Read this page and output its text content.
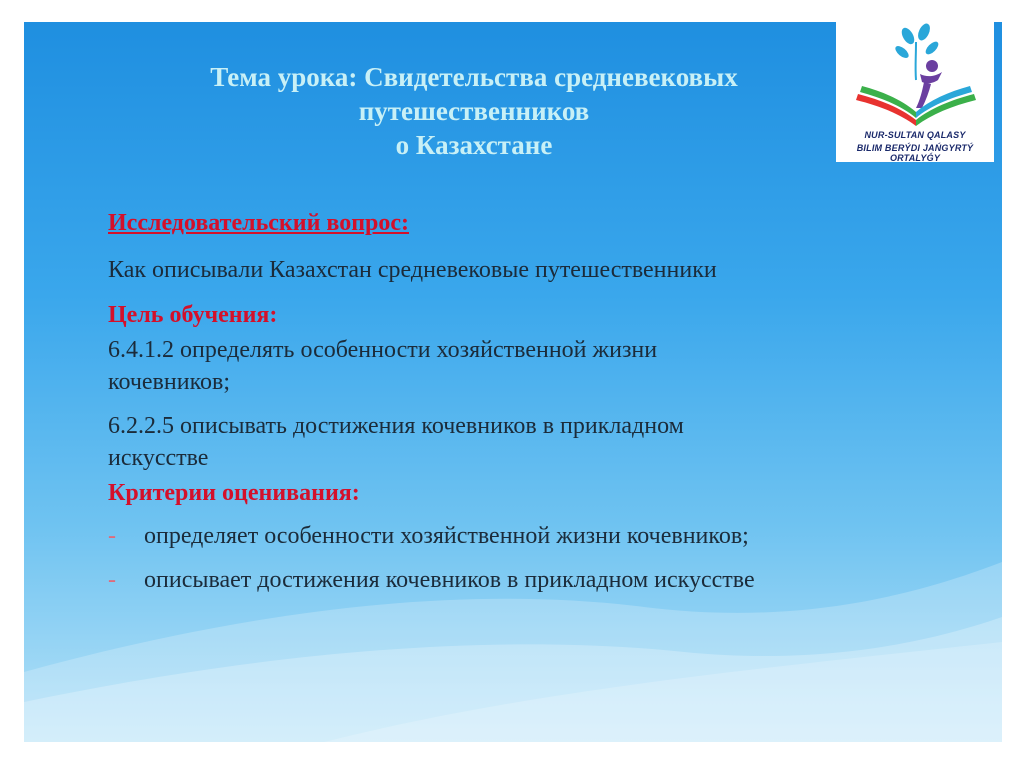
Тема урока: Свидетельства средневековых
путешественников
о Казахстане
Исследовательский вопрос:
Как описывали Казахстан средневековые путешественники
Цель обучения:
6.4.1.2 определять особенности хозяйственной жизни
кочевников;
6.2.2.5 описывать достижения кочевников в прикладном
искусстве
Критерии оценивания:
-	определяет особенности хозяйственной жизни кочевников;
-	описывает достижения кочевников в прикладном искусстве
NUR-SULTAN QALASY
BILIM BERÝDI JAŃGYRTÝ ORTALYǴY
